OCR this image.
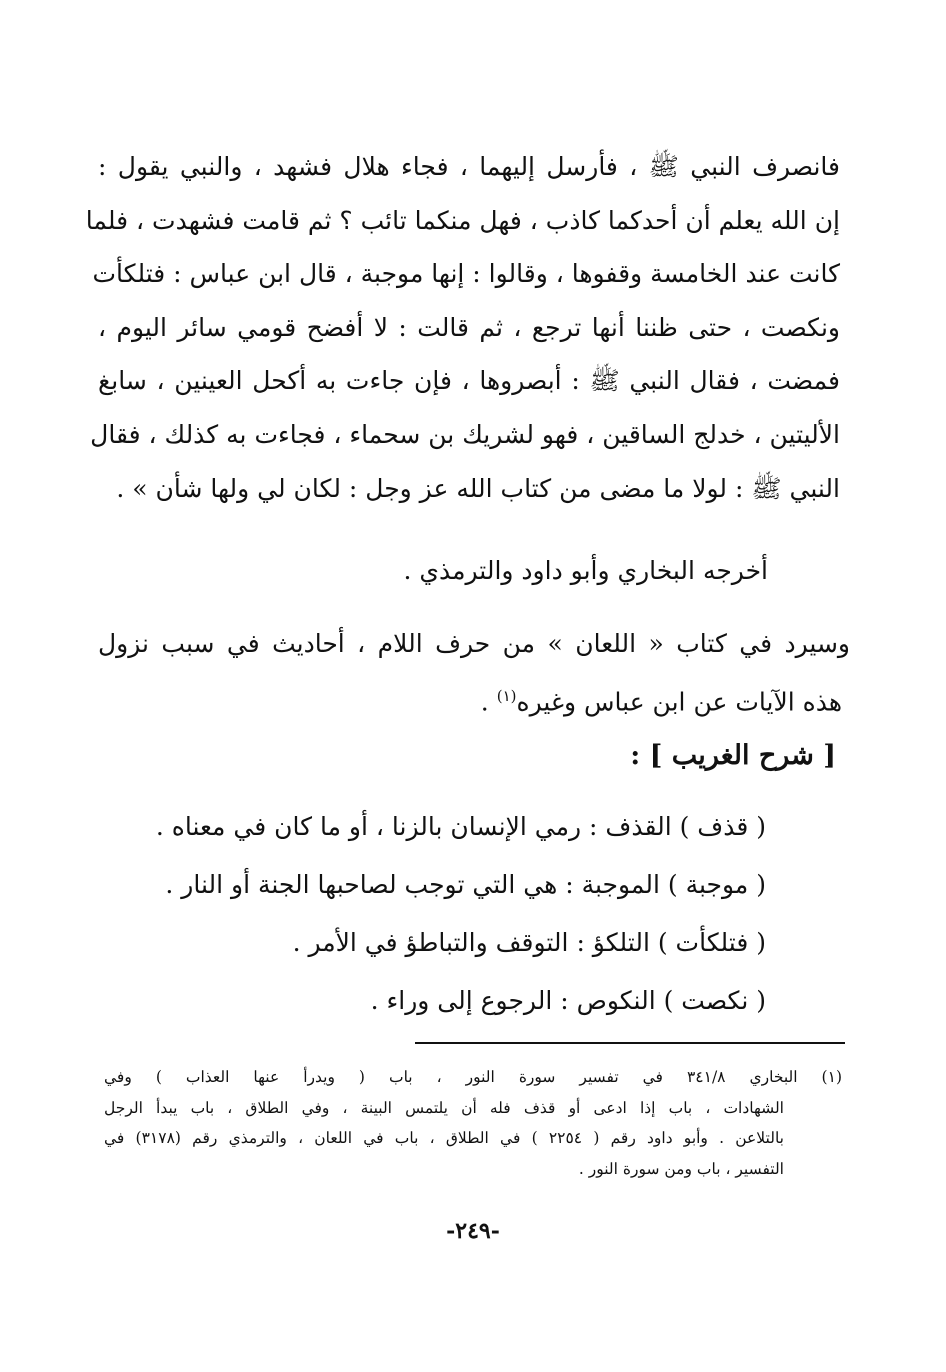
فانصرف النبي ﷺ ، فأرسل إليهما ، فجاء هلال فشهد ، والنبي يقول :
إن الله يعلم أن أحدكما كاذب ، فهل منكما تائب ؟ ثم قامت فشهدت ، فلما
كانت عند الخامسة وقفوها ، وقالوا : إنها موجبة ، قال ابن عباس : فتلكأت
ونكصت ، حتى ظننا أنها ترجع ، ثم قالت : لا أفضح قومي سائر اليوم ،
فمضت ، فقال النبي ﷺ : أبصروها ، فإن جاءت به أكحل العينين ، سابغ
الأليتين ، خدلج الساقين ، فهو لشريك بن سحماء ، فجاءت به كذلك ، فقال
النبي ﷺ : لولا ما مضى من كتاب الله عز وجل : لكان لي ولها شأن » .
أخرجه البخاري وأبو داود والترمذي .
وسيرد في كتاب « اللعان » من حرف اللام ، أحاديث في سبب نزول
هذه الآيات عن ابن عباس وغيره$^{(١)}$ .
[ شرح الغريب ] :
( قذف ) القذف : رمي الإنسان بالزنا ، أو ما كان في معناه .
( موجبة ) الموجبة : هي التي توجب لصاحبها الجنة أو النار .
( فتلكأت ) التلكؤ : التوقف والتباطؤ في الأمر .
( نكصت ) النكوص : الرجوع إلى وراء .
(١) البخاري ٣٤١/٨ في تفسير سورة النور ، باب ( ويدرأ عنها العذاب ) وفي
الشهادات ، باب إذا ادعى أو قذف فله أن يلتمس البينة ، وفي الطلاق ، باب يبدأ الرجل
بالتلاعن . وأبو داود رقم ( ٢٢٥٤ ) في الطلاق ، باب في اللعان ، والترمذي رقم (٣١٧٨) في
التفسير ، باب ومن سورة النور .
-٢٤٩-
